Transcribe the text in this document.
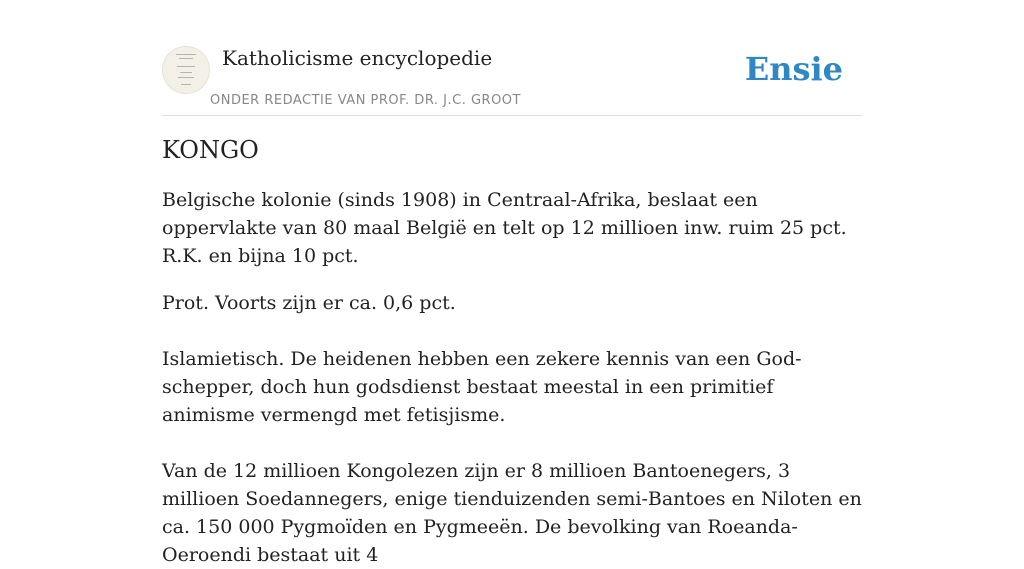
Katholicisme encyclopedie
ONDER REDACTIE VAN PROF. DR. J.C. GROOT
Ensie
KONGO

Belgische kolonie (sinds 1908) in Centraal-Afrika, beslaat een oppervlakte van 80 maal België en telt op 12 millioen inw. ruim 25 pct. R.K. en bijna 10 pct.

Prot. Voorts zijn er ca. 0,6 pct.

Islamietisch. De heidenen hebben een zekere kennis van een God-schepper, doch hun godsdienst bestaat meestal in een primitief animisme vermengd met fetisjisme.

Van de 12 millioen Kongolezen zijn er 8 millioen Bantoenegers, 3 millioen Soedannegers, enige tienduizenden semi-Bantoes en Niloten en ca. 150 000 Pygmoïden en Pygmeeën. De bevolking van Roeanda-Oeroendi bestaat uit 4
